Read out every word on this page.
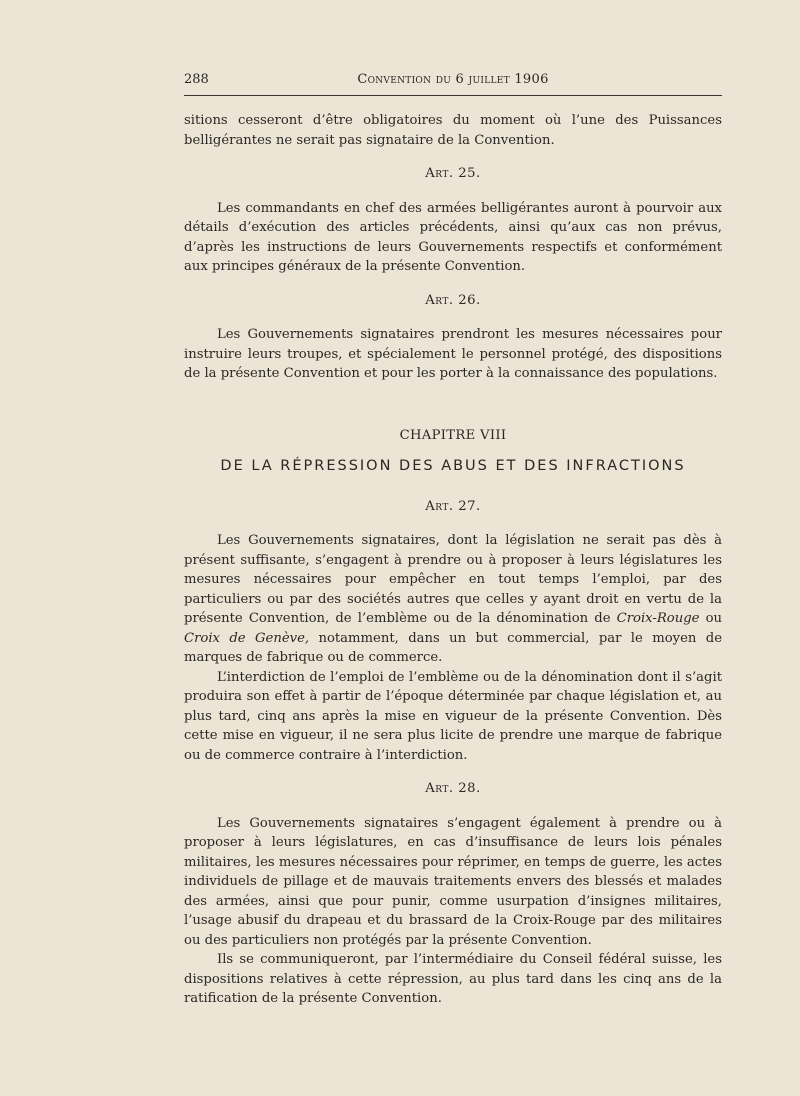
288	Convention du 6 juillet 1906

sitions cesseront d’être obligatoires du moment où l’une des Puissances belligérantes ne serait pas signataire de la Convention.

Art. 25.

Les commandants en chef des armées belligérantes auront à pourvoir aux détails d’exécution des articles précédents, ainsi qu’aux cas non prévus, d’après les instructions de leurs Gouvernements respectifs et conformément aux principes généraux de la présente Convention.

Art. 26.

Les Gouvernements signataires prendront les mesures nécessaires pour instruire leurs troupes, et spécialement le personnel protégé, des dispositions de la présente Convention et pour les porter à la connaissance des populations.

CHAPITRE VIII

DE LA RÉPRESSION DES ABUS ET DES INFRACTIONS

Art. 27.

Les Gouvernements signataires, dont la législation ne serait pas dès à présent suffisante, s’engagent à prendre ou à proposer à leurs législatures les mesures nécessaires pour empêcher en tout temps l’emploi, par des particuliers ou par des sociétés autres que celles y ayant droit en vertu de la présente Convention, de l’emblème ou de la dénomination de Croix-Rouge ou Croix de Genève, notamment, dans un but commercial, par le moyen de marques de fabrique ou de commerce.

L’interdiction de l’emploi de l’emblème ou de la dénomination dont il s’agit produira son effet à partir de l’époque déterminée par chaque législation et, au plus tard, cinq ans après la mise en vigueur de la présente Convention. Dès cette mise en vigueur, il ne sera plus licite de prendre une marque de fabrique ou de commerce contraire à l’interdiction.

Art. 28.

Les Gouvernements signataires s’engagent également à prendre ou à proposer à leurs législatures, en cas d’insuffisance de leurs lois pénales militaires, les mesures nécessaires pour réprimer, en temps de guerre, les actes individuels de pillage et de mauvais traitements envers des blessés et malades des armées, ainsi que pour punir, comme usurpation d’insignes militaires, l’usage abusif du drapeau et du brassard de la Croix-Rouge par des militaires ou des particuliers non protégés par la présente Convention.

Ils se communiqueront, par l’intermédiaire du Conseil fédéral suisse, les dispositions relatives à cette répression, au plus tard dans les cinq ans de la ratification de la présente Convention.
